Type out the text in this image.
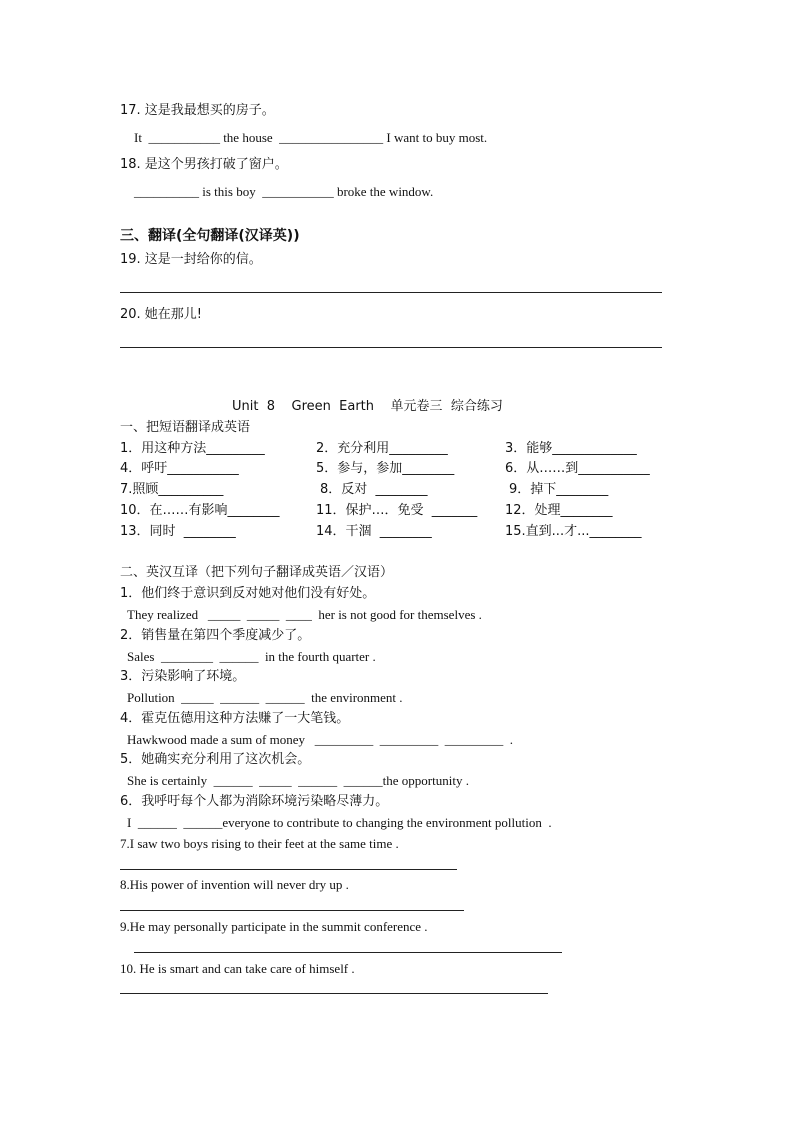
17. 这是我最想买的房子。
It  ___________ the house  ________________ I want to buy most.
18. 是这个男孩打破了窗户。
__________ is this boy  ___________ broke the window.
三、翻译(全句翻译(汉译英))
19. 这是一封给你的信。
20. 她在那儿!
Unit  8    Green  Earth    单元卷三  综合练习
一、把短语翻译成英语
1．用这种方法_________	2．充分利用_________	3．能够_____________
4．呼吁___________	5．参与，参加________	6．从……到___________
7.照顾__________	8．反对  ________	9．掉下________
10．在……有影响________	11．保护…．免受  _______ 12．处理________
13．同时  ________	14．干涸  ________	15.直到...才...________
二、英汉互译（把下列句子翻译成英语／汉语）
1．他们终于意识到反对她对他们没有好处。
They realized   _____  _____  ____  her is not good for themselves .
2．销售量在第四个季度减少了。
Sales  ________  ______  in the fourth quarter .
3．污染影响了环境。
Pollution  _____  ______  ______  the environment .
4．霍克伍德用这种方法赚了一大笔钱。
Hawkwood made a sum of money   _________  _________  _________  .
5．她确实充分利用了这次机会。
She is certainly  ______  _____  ______  ______the opportunity .
6．我呼吁每个人都为消除环境污染略尽薄力。
I  ______  ______everyone to contribute to changing the environment pollution  .
7.I saw two boys rising to their feet at the same time .
8.His power of invention will never dry up .
9.He may personally participate in the summit conference .
10. He is smart and can take care of himself .
